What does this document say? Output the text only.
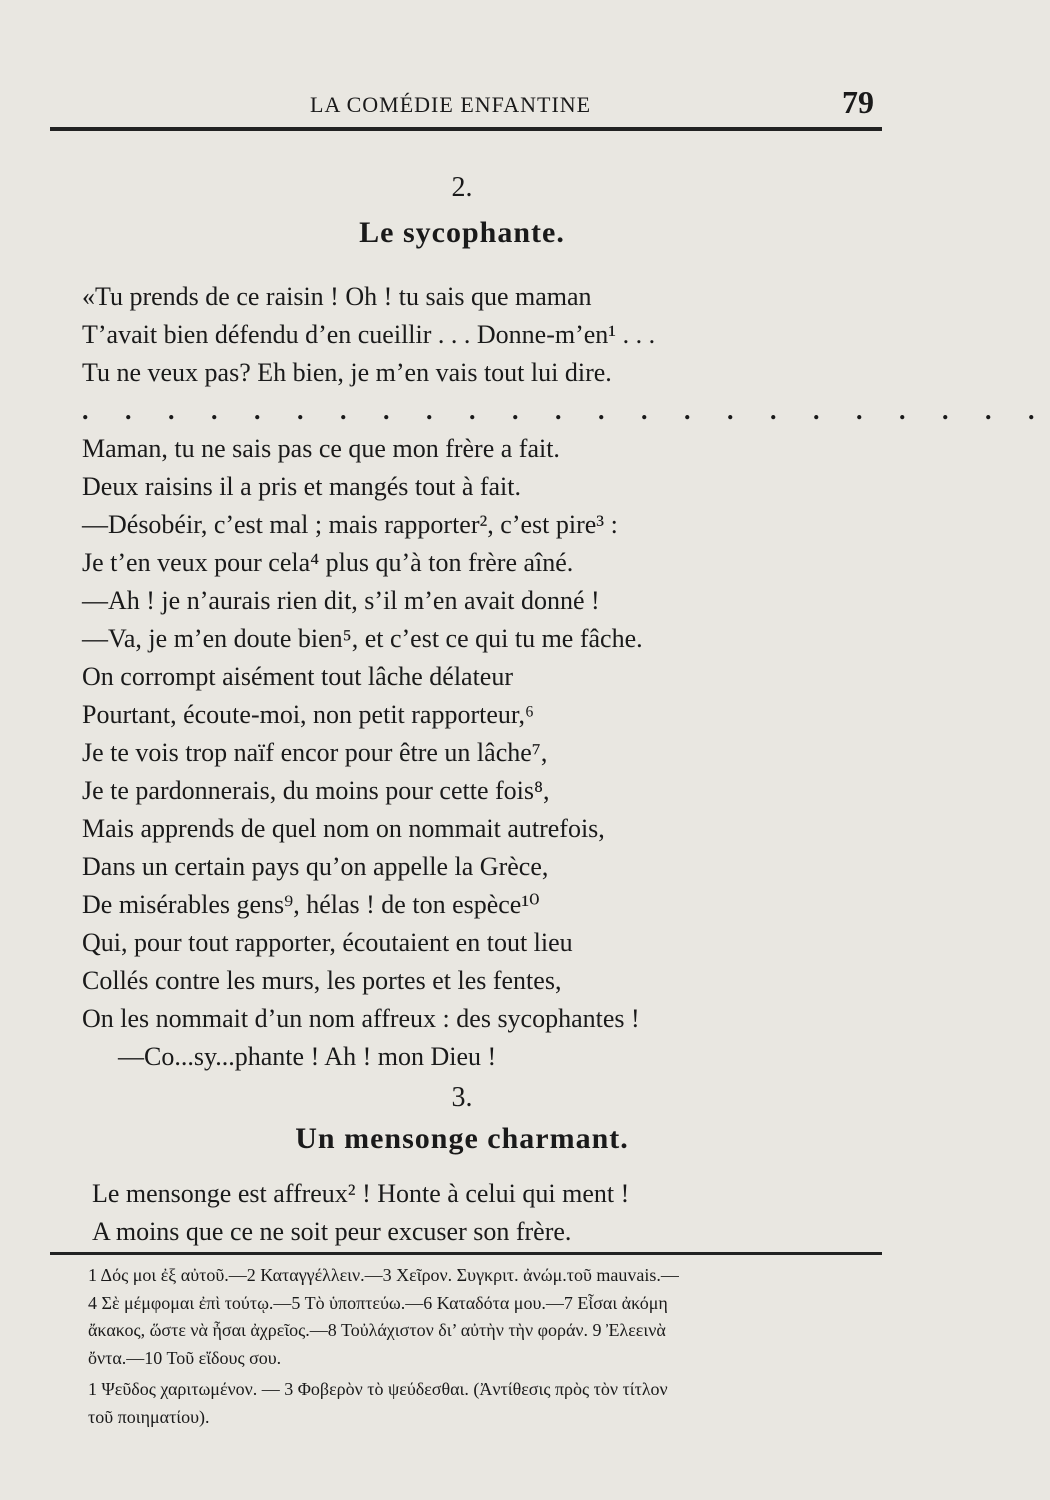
LA COMÉDIE ENFANTINE	79
2.
Le sycophante.
«Tu prends de ce raisin ! Oh ! tu sais que maman
T’avait bien défendu d’en cueillir . . . Donne-m’en¹ . . .
Tu ne veux pas? Eh bien, je m’en vais tout lui dire.
. . . . . . . . . . . . . . . . . . . . . . .
Maman, tu ne sais pas ce que mon frère a fait.
Deux raisins il a pris et mangés tout à fait.
—Désobéir, c’est mal ; mais rapporter², c’est pire³ :
Je t’en veux pour cela⁴ plus qu’à ton frère aîné.
—Ah ! je n’aurais rien dit, s’il m’en avait donné !
—Va, je m’en doute bien⁵, et c’est ce qui tu me fâche.
On corrompt aisément tout lâche délateur
Pourtant, écoute-moi, non petit rapporteur,⁶
Je te vois trop naïf encor pour être un lâche⁷,
Je te pardonnerais, du moins pour cette fois⁸,
Mais apprends de quel nom on nommait autrefois,
Dans un certain pays qu’on appelle la Grèce,
De misérables gens⁹, hélas ! de ton espèce¹⁰
Qui, pour tout rapporter, écoutaient en tout lieu
Collés contre les murs, les portes et les fentes,
On les nommait d’un nom affreux : des sycophantes !
—Co...sy...phante ! Ah ! mon Dieu !
3.
Un mensonge charmant.
Le mensonge est affreux² ! Honte à celui qui ment !
A moins que ce ne soit peur excuser son frère.
1 Δός μοι ἐξ αὐτοῦ.—2 Καταγγέλλειν.—3 Χεῖρον. Συγκριτ. ἀνώμ.τοῦ mauvais.—
4 Σὲ μέμφομαι ἐπὶ τούτῳ.—5 Τὸ ὑποπτεύω.—6 Καταδότα μου.—7 Εἶσαι ἀκόμη
ἄκακος, ὥστε νὰ ἦσαι ἀχρεῖος.—8 Τοὐλάχιστον δι’ αὐτὴν τὴν φοράν. 9 Ἐλεεινὰ
ὄντα.—10 Τοῦ εἴδους σου.
1 Ψεῦδος χαριτωμένον. — 3 Φοβερὸν τὸ ψεύδεσθαι. (Ἀντίθεσις πρὸς τὸν τίτλον
τοῦ ποιηματίου).
